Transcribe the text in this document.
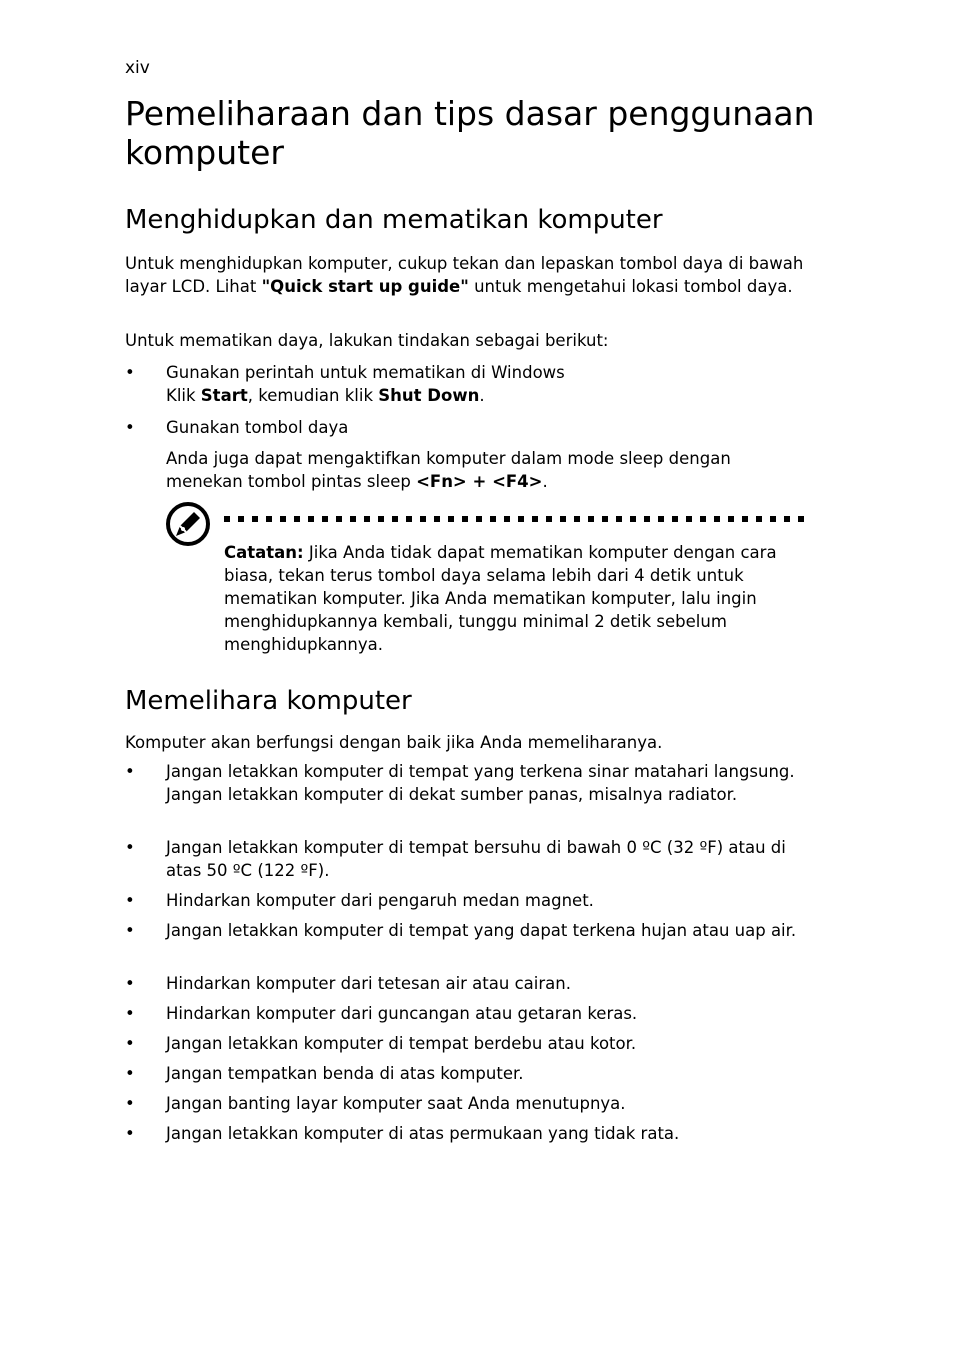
xiv
Pemeliharaan dan tips dasar penggunaan komputer
Menghidupkan dan mematikan komputer
Untuk menghidupkan komputer, cukup tekan dan lepaskan tombol daya di bawah layar LCD. Lihat "Quick start up guide" untuk mengetahui lokasi tombol daya.
Untuk mematikan daya, lakukan tindakan sebagai berikut:
• Gunakan perintah untuk mematikan di Windows
Klik Start, kemudian klik Shut Down.
• Gunakan tombol daya
Anda juga dapat mengaktifkan komputer dalam mode sleep dengan menekan tombol pintas sleep <Fn> + <F4>.
Catatan: Jika Anda tidak dapat mematikan komputer dengan cara biasa, tekan terus tombol daya selama lebih dari 4 detik untuk mematikan komputer. Jika Anda mematikan komputer, lalu ingin menghidupkannya kembali, tunggu minimal 2 detik sebelum menghidupkannya.
Memelihara komputer
Komputer akan berfungsi dengan baik jika Anda memeliharanya.
• Jangan letakkan komputer di tempat yang terkena sinar matahari langsung. Jangan letakkan komputer di dekat sumber panas, misalnya radiator.
• Jangan letakkan komputer di tempat bersuhu di bawah 0 ºC (32 ºF) atau di atas 50 ºC (122 ºF).
• Hindarkan komputer dari pengaruh medan magnet.
• Jangan letakkan komputer di tempat yang dapat terkena hujan atau uap air.
• Hindarkan komputer dari tetesan air atau cairan.
• Hindarkan komputer dari guncangan atau getaran keras.
• Jangan letakkan komputer di tempat berdebu atau kotor.
• Jangan tempatkan benda di atas komputer.
• Jangan banting layar komputer saat Anda menutupnya.
• Jangan letakkan komputer di atas permukaan yang tidak rata.
